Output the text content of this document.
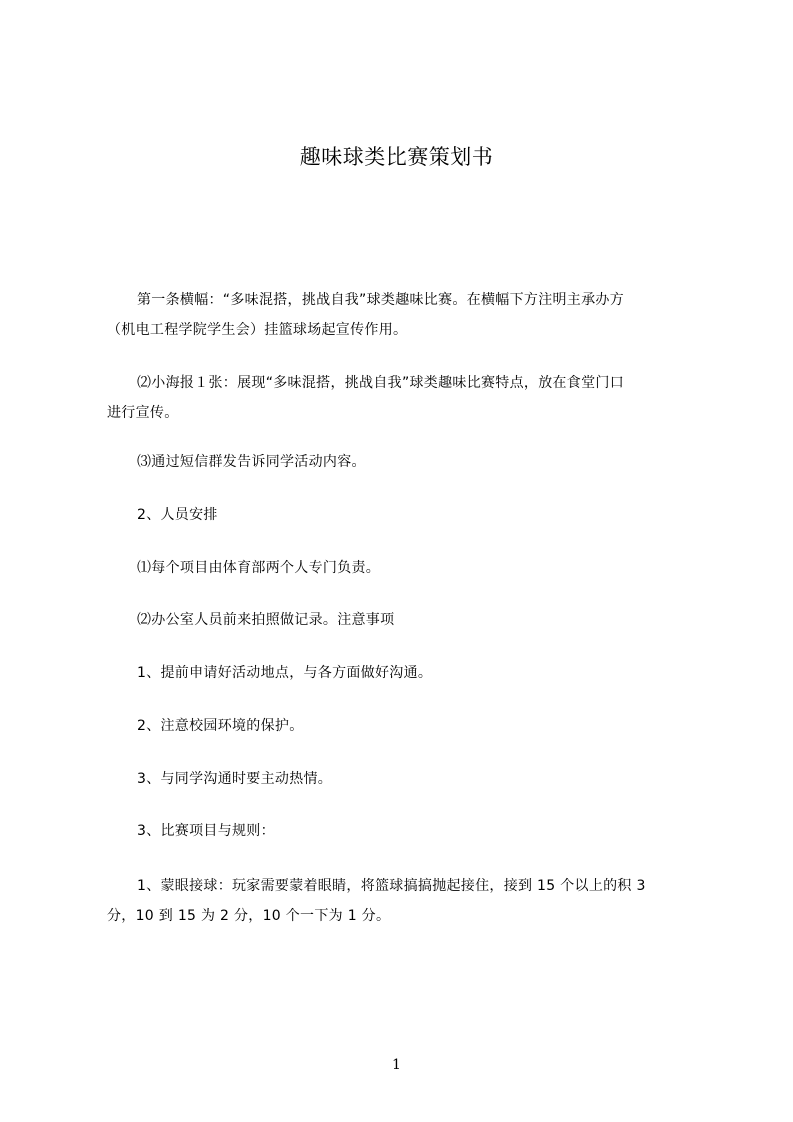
趣味球类比赛策划书

第一条横幅：“多味混搭，挑战自我”球类趣味比赛。在横幅下方注明主承办方
（机电工程学院学生会）挂篮球场起宣传作用。

⑵小海报１张：展现“多味混搭，挑战自我”球类趣味比赛特点，放在食堂门口
进行宣传。

⑶通过短信群发告诉同学活动内容。

2、人员安排

⑴每个项目由体育部两个人专门负责。

⑵办公室人员前来拍照做记录。注意事项

1、提前申请好活动地点，与各方面做好沟通。

2、注意校园环境的保护。

3、与同学沟通时要主动热情。

3、比赛项目与规则：

1、蒙眼接球：玩家需要蒙着眼睛，将篮球搞搞抛起接住，接到 15 个以上的积 3
分，10 到 15 为 2 分，10 个一下为 1 分。

1
